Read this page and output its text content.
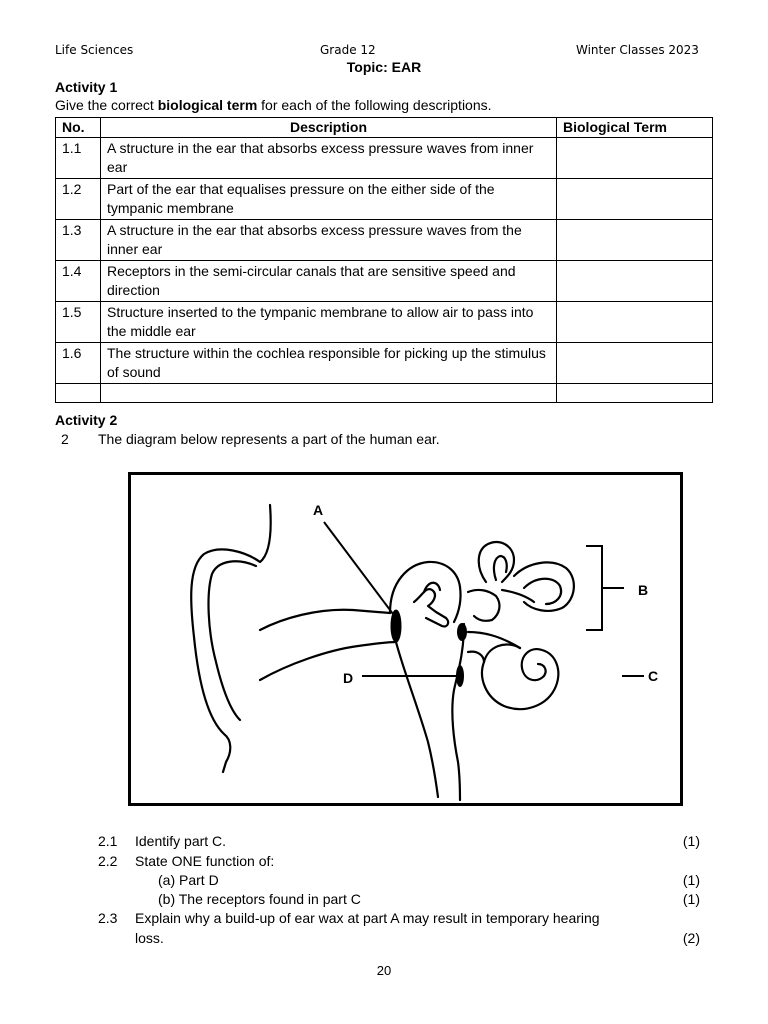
Life Sciences	Grade 12	Winter Classes 2023
Topic: EAR
Activity 1
Give the correct biological term for each of the following descriptions.
No.	Description	Biological Term
1.1	A structure in the ear that absorbs excess pressure waves from inner ear	
1.2	Part of the ear that equalises pressure on the either side of the tympanic membrane	
1.3	A structure in the ear that absorbs excess pressure waves from the inner ear	
1.4	Receptors in the semi-circular canals that are sensitive speed and direction	
1.5	Structure inserted to the tympanic membrane to allow air to pass into the middle ear	
1.6	The structure within the cochlea responsible for picking up the stimulus of sound	

Activity 2
2 The diagram below represents a part of the human ear.
A
B
C
D
2.1 Identify part C.	(1)
2.2 State ONE function of:
(a) Part D	(1)
(b) The receptors found in part C	(1)
2.3 Explain why a build-up of ear wax at part A may result in temporary hearing
loss.	(2)
20
